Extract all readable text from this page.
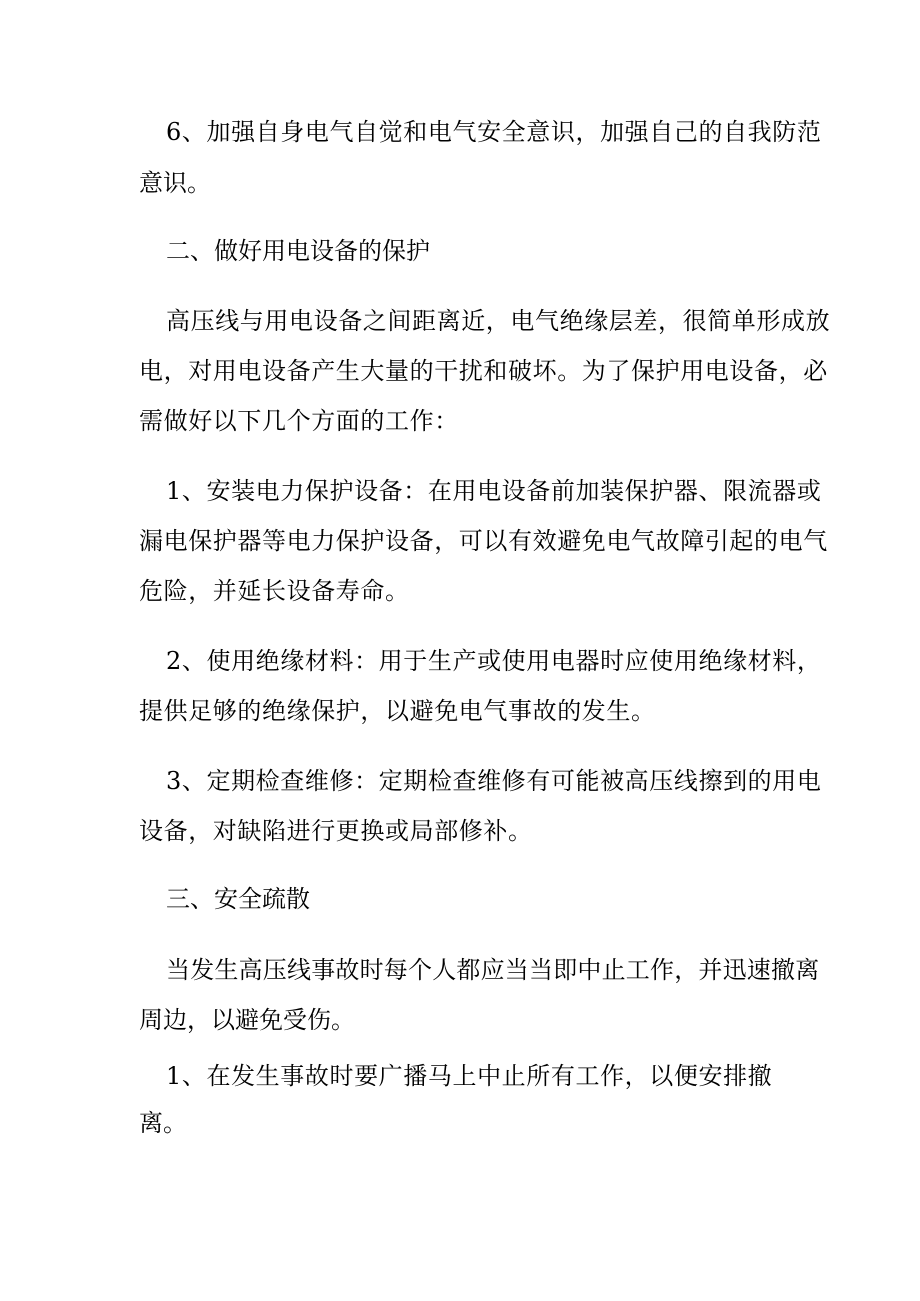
6、加强自身电气自觉和电气安全意识，加强自己的自我防范

意识。

二、做好用电设备的保护

高压线与用电设备之间距离近，电气绝缘层差，很简单形成放

电，对用电设备产生大量的干扰和破坏。为了保护用电设备，必

需做好以下几个方面的工作：

1、安装电力保护设备：在用电设备前加装保护器、限流器或

漏电保护器等电力保护设备，可以有效避免电气故障引起的电气

危险，并延长设备寿命。

2、使用绝缘材料：用于生产或使用电器时应使用绝缘材料，

提供足够的绝缘保护，以避免电气事故的发生。

3、定期检查维修：定期检查维修有可能被高压线擦到的用电

设备，对缺陷进行更换或局部修补。

三、安全疏散

当发生高压线事故时每个人都应当当即中止工作，并迅速撤离

周边，以避免受伤。

1、在发生事故时要广播马上中止所有工作，以便安排撤

离。
